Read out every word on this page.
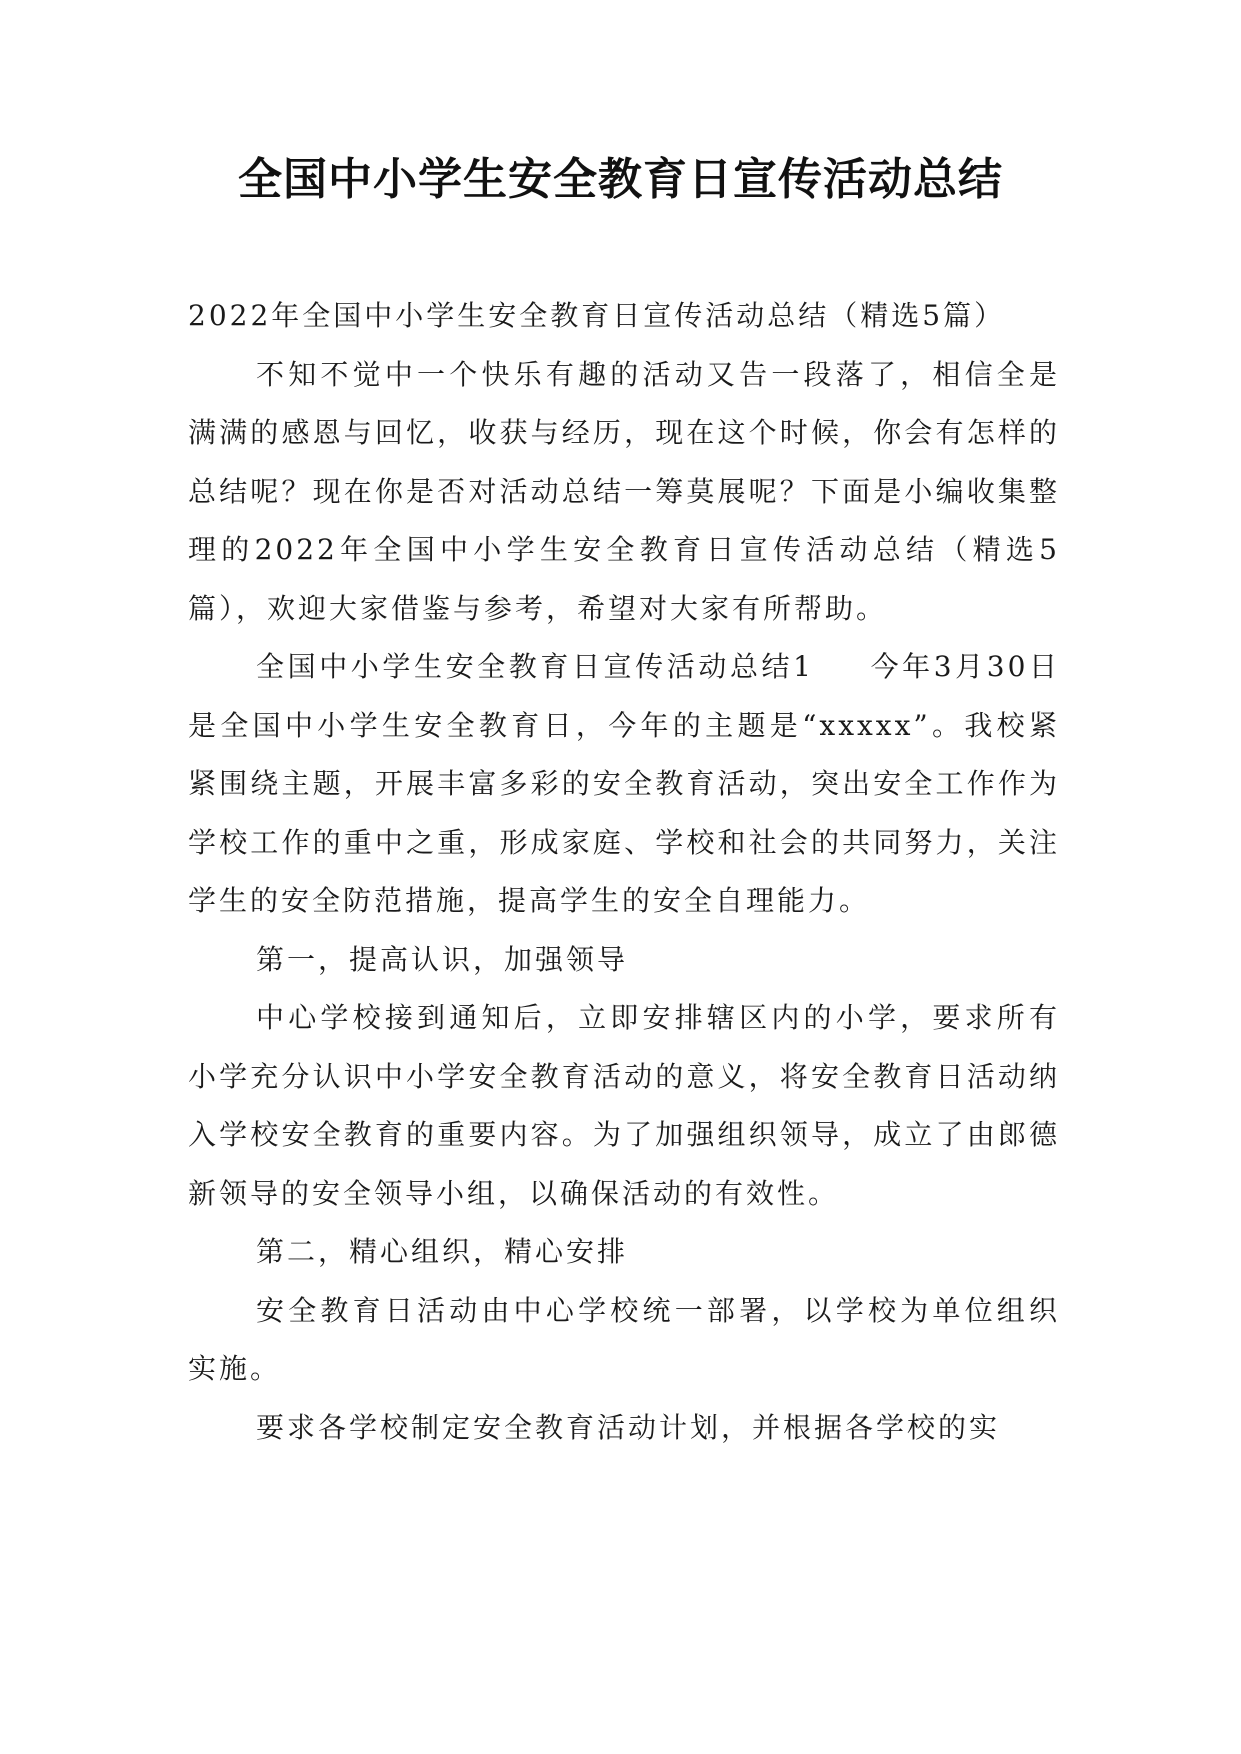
全国中小学生安全教育日宣传活动总结

2022年全国中小学生安全教育日宣传活动总结（精选5篇）

不知不觉中一个快乐有趣的活动又告一段落了，相信全是满满的感恩与回忆，收获与经历，现在这个时候，你会有怎样的总结呢？现在你是否对活动总结一筹莫展呢？下面是小编收集整理的2022年全国中小学生安全教育日宣传活动总结（精选5篇），欢迎大家借鉴与参考，希望对大家有所帮助。

全国中小学生安全教育日宣传活动总结1 今年3月30日是全国中小学生安全教育日，今年的主题是“xxxxx”。我校紧紧围绕主题，开展丰富多彩的安全教育活动，突出安全工作作为学校工作的重中之重，形成家庭、学校和社会的共同努力，关注学生的安全防范措施，提高学生的安全自理能力。

第一，提高认识，加强领导

中心学校接到通知后，立即安排辖区内的小学，要求所有小学充分认识中小学安全教育活动的意义，将安全教育日活动纳入学校安全教育的重要内容。为了加强组织领导，成立了由郎德新领导的安全领导小组，以确保活动的有效性。

第二，精心组织，精心安排

安全教育日活动由中心学校统一部署，以学校为单位组织实施。

要求各学校制定安全教育活动计划，并根据各学校的实
